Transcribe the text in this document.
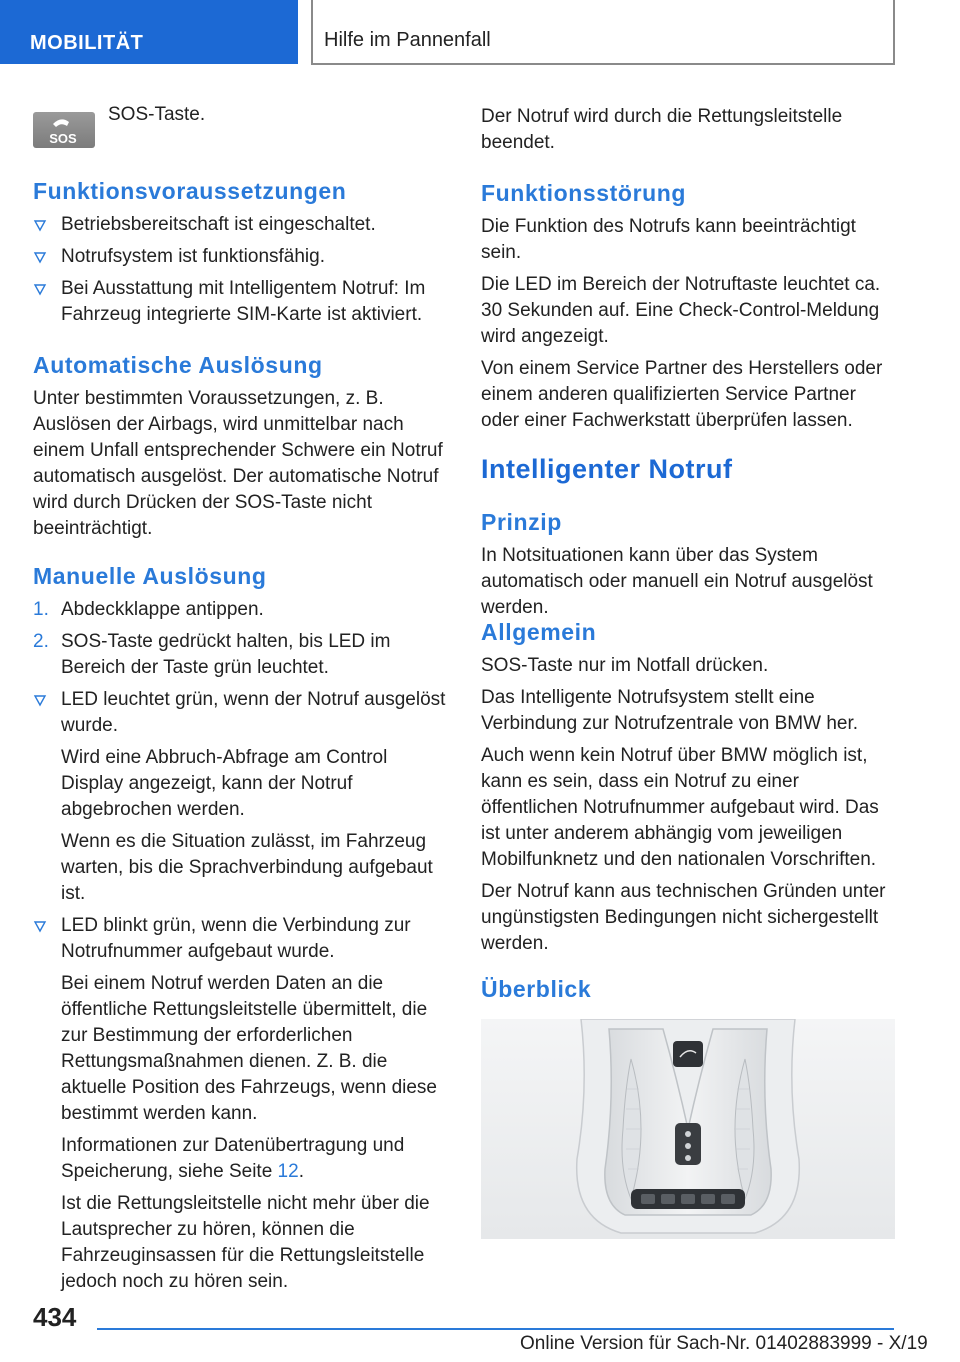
MOBILITÄT	Hilfe im Pannenfall
SOS
SOS-Taste.
Funktionsvoraussetzungen
Betriebsbereitschaft ist eingeschaltet.
Notrufsystem ist funktionsfähig.
Bei Ausstattung mit Intelligentem Notruf: Im Fahrzeug integrierte SIM-Karte ist aktiviert.
Automatische Auslösung
Unter bestimmten Voraussetzungen, z. B. Auslösen der Airbags, wird unmittelbar nach einem Unfall entsprechender Schwere ein Notruf automatisch ausgelöst. Der automatische Notruf wird durch Drücken der SOS-Taste nicht beeinträchtigt.
Manuelle Auslösung
1. Abdeckklappe antippen.
2. SOS-Taste gedrückt halten, bis LED im Bereich der Taste grün leuchtet.
LED leuchtet grün, wenn der Notruf ausgelöst wurde.
Wird eine Abbruch-Abfrage am Control Display angezeigt, kann der Notruf abgebrochen werden.
Wenn es die Situation zulässt, im Fahrzeug warten, bis die Sprachverbindung aufgebaut ist.
LED blinkt grün, wenn die Verbindung zur Notrufnummer aufgebaut wurde.
Bei einem Notruf werden Daten an die öffentliche Rettungsleitstelle übermittelt, die zur Bestimmung der erforderlichen Rettungsmaßnahmen dienen. Z. B. die aktuelle Position des Fahrzeugs, wenn diese bestimmt werden kann.
Informationen zur Datenübertragung und Speicherung, siehe Seite 12.
Ist die Rettungsleitstelle nicht mehr über die Lautsprecher zu hören, können die Fahrzeuginsassen für die Rettungsleitstelle jedoch noch zu hören sein.
Der Notruf wird durch die Rettungsleitstelle beendet.
Funktionsstörung
Die Funktion des Notrufs kann beeinträchtigt sein.
Die LED im Bereich der Notruftaste leuchtet ca. 30 Sekunden auf. Eine Check-Control-Meldung wird angezeigt.
Von einem Service Partner des Herstellers oder einem anderen qualifizierten Service Partner oder einer Fachwerkstatt überprüfen lassen.
Intelligenter Notruf
Prinzip
In Notsituationen kann über das System automatisch oder manuell ein Notruf ausgelöst werden.
Allgemein
SOS-Taste nur im Notfall drücken.
Das Intelligente Notrufsystem stellt eine Verbindung zur Notrufzentrale von BMW her.
Auch wenn kein Notruf über BMW möglich ist, kann es sein, dass ein Notruf zu einer öffentlichen Notrufnummer aufgebaut wird. Das ist unter anderem abhängig vom jeweiligen Mobilfunknetz und den nationalen Vorschriften.
Der Notruf kann aus technischen Gründen unter ungünstigsten Bedingungen nicht sichergestellt werden.
Überblick
434
Online Version für Sach-Nr. 01402883999 - X/19
